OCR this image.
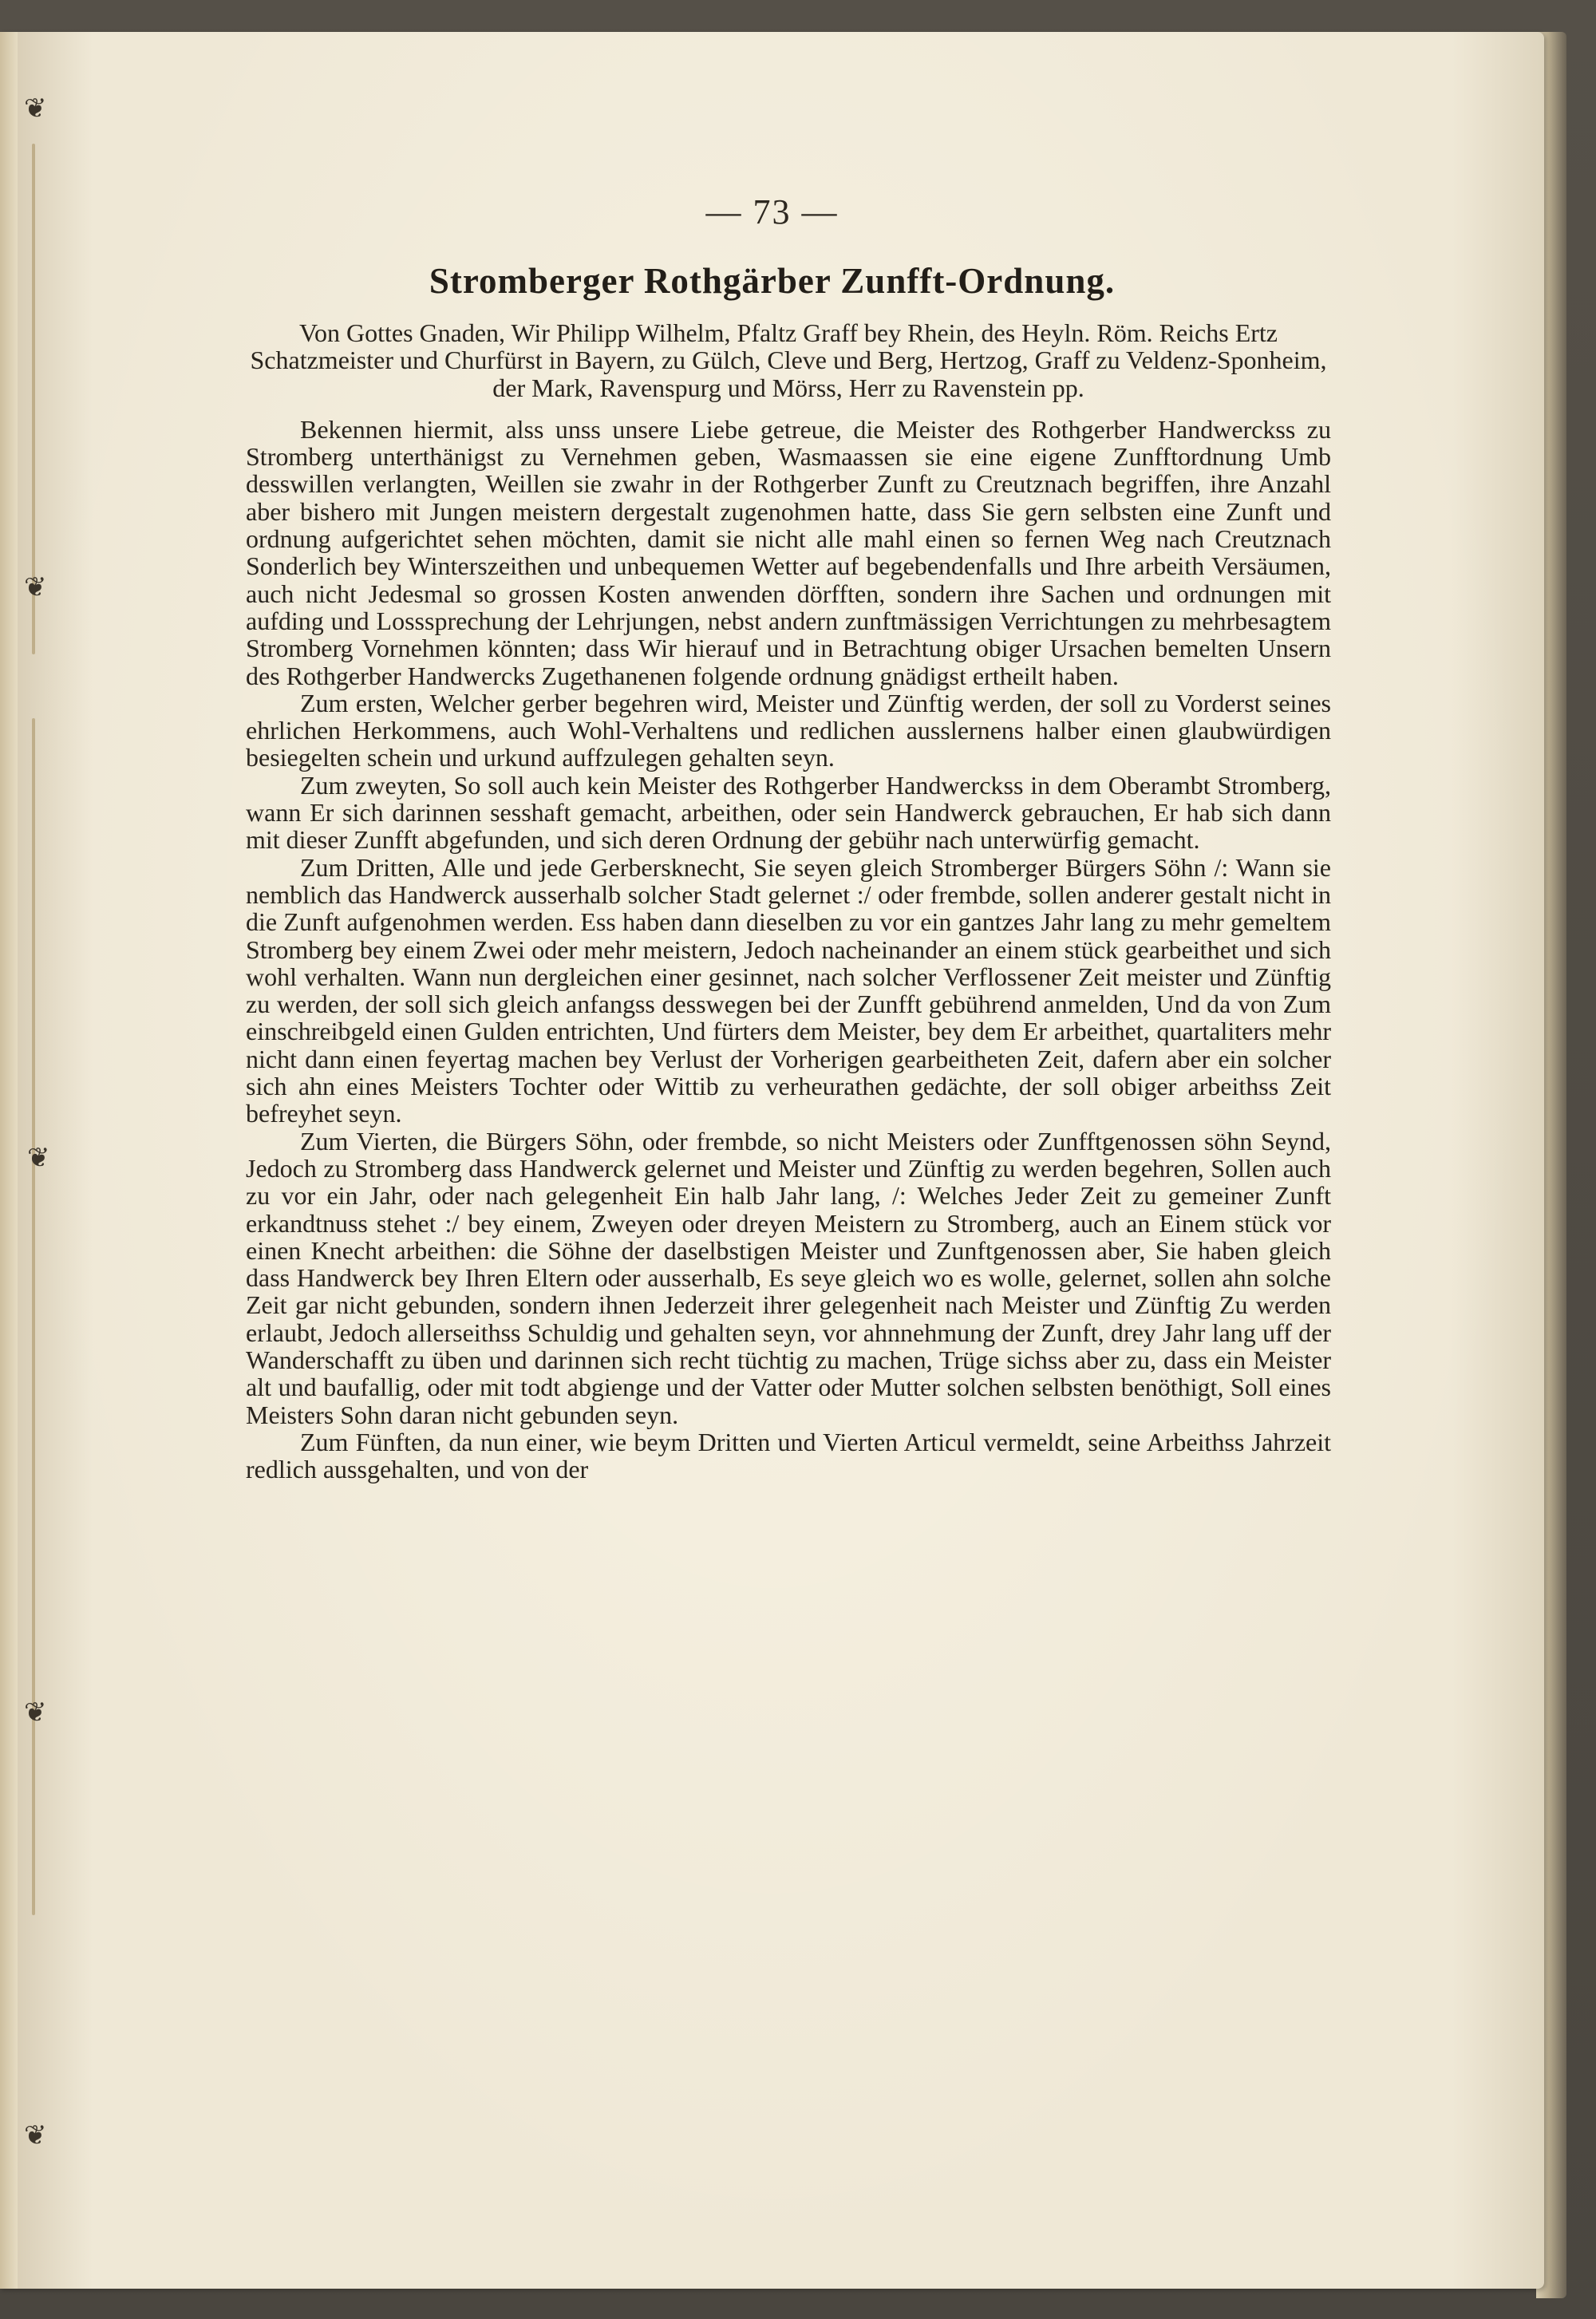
❦
❦
❦
❦
❦
— 73 —
Stromberger Rothgärber Zunfft-Ordnung.

Von Gottes Gnaden, Wir Philipp Wilhelm, Pfaltz Graff bey Rhein, des Heyln. Röm. Reichs Ertz Schatzmeister und Churfürst in Bayern, zu Gülch, Cleve und Berg, Hertzog, Graff zu Veldenz-Sponheim, der Mark, Ravenspurg und Mörss, Herr zu Ravenstein pp.

Bekennen hiermit, alss unss unsere Liebe getreue, die Meister des Rothgerber Handwerckss zu Stromberg unterthänigst zu Vernehmen geben, Wasmaassen sie eine eigene Zunfftordnung Umb desswillen verlangten, Weillen sie zwahr in der Rothgerber Zunft zu Creutznach begriffen, ihre Anzahl aber bishero mit Jungen meistern dergestalt zugenohmen hatte, dass Sie gern selbsten eine Zunft und ordnung aufgerichtet sehen möchten, damit sie nicht alle mahl einen so fernen Weg nach Creutznach Sonderlich bey Winterszeithen und unbequemen Wetter auf begebendenfalls und Ihre arbeith Versäumen, auch nicht Jedesmal so grossen Kosten anwenden dörfften, sondern ihre Sachen und ordnungen mit aufding und Losssprechung der Lehrjungen, nebst andern zunftmässigen Verrichtungen zu mehrbesagtem Stromberg Vornehmen könnten; dass Wir hierauf und in Betrachtung obiger Ursachen bemelten Unsern des Rothgerber Handwercks Zugethanenen folgende ordnung gnädigst ertheilt haben.

Zum ersten, Welcher gerber begehren wird, Meister und Zünftig werden, der soll zu Vorderst seines ehrlichen Herkommens, auch Wohl-Verhaltens und redlichen ausslernens halber einen glaubwürdigen besiegelten schein und urkund auffzulegen gehalten seyn.

Zum zweyten, So soll auch kein Meister des Rothgerber Handwerckss in dem Oberambt Stromberg, wann Er sich darinnen sesshaft gemacht, arbeithen, oder sein Handwerck gebrauchen, Er hab sich dann mit dieser Zunfft abgefunden, und sich deren Ordnung der gebühr nach unterwürfig gemacht.

Zum Dritten, Alle und jede Gerbersknecht, Sie seyen gleich Stromberger Bürgers Söhn /: Wann sie nemblich das Handwerck ausserhalb solcher Stadt gelernet :/ oder frembde, sollen anderer gestalt nicht in die Zunft aufgenohmen werden. Ess haben dann dieselben zu vor ein gantzes Jahr lang zu mehr gemeltem Stromberg bey einem Zwei oder mehr meistern, Jedoch nacheinander an einem stück gearbeithet und sich wohl verhalten. Wann nun dergleichen einer gesinnet, nach solcher Verflossener Zeit meister und Zünftig zu werden, der soll sich gleich anfangss desswegen bei der Zunfft gebührend anmelden, Und da von Zum einschreibgeld einen Gulden entrichten, Und fürters dem Meister, bey dem Er arbeithet, quartaliters mehr nicht dann einen feyertag machen bey Verlust der Vorherigen gearbeitheten Zeit, dafern aber ein solcher sich ahn eines Meisters Tochter oder Wittib zu verheurathen gedächte, der soll obiger arbeithss Zeit befreyhet seyn.

Zum Vierten, die Bürgers Söhn, oder frembde, so nicht Meisters oder Zunfftgenossen söhn Seynd, Jedoch zu Stromberg dass Handwerck gelernet und Meister und Zünftig zu werden begehren, Sollen auch zu vor ein Jahr, oder nach gelegenheit Ein halb Jahr lang, /: Welches Jeder Zeit zu gemeiner Zunft erkandtnuss stehet :/ bey einem, Zweyen oder dreyen Meistern zu Stromberg, auch an Einem stück vor einen Knecht arbeithen: die Söhne der daselbstigen Meister und Zunftgenossen aber, Sie haben gleich dass Handwerck bey Ihren Eltern oder ausserhalb, Es seye gleich wo es wolle, gelernet, sollen ahn solche Zeit gar nicht gebunden, sondern ihnen Jederzeit ihrer gelegenheit nach Meister und Zünftig Zu werden erlaubt, Jedoch allerseithss Schuldig und gehalten seyn, vor ahnnehmung der Zunft, drey Jahr lang uff der Wanderschafft zu üben und darinnen sich recht tüchtig zu machen, Trüge sichss aber zu, dass ein Meister alt und baufallig, oder mit todt abgienge und der Vatter oder Mutter solchen selbsten benöthigt, Soll eines Meisters Sohn daran nicht gebunden seyn.

Zum Fünften, da nun einer, wie beym Dritten und Vierten Articul vermeldt, seine Arbeithss Jahrzeit redlich aussgehalten, und von der
